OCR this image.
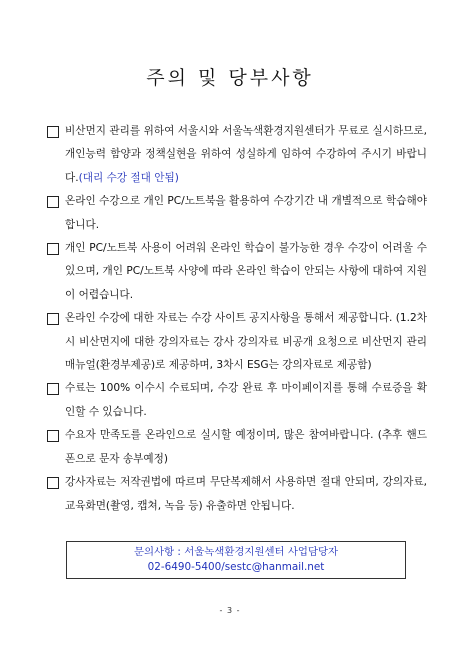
주의 및 당부사항
비산먼지 관리를 위하여 서울시와 서울녹색환경지원센터가 무료로 실시하므로, 개인능력 함양과 정책실현을 위하여 성실하게 임하여 수강하여 주시기 바랍니다.(대리 수강 절대 안됨)
온라인 수강으로 개인 PC/노트북을 활용하여 수강기간 내 개별적으로 학습해야 합니다.
개인 PC/노트북 사용이 어려워 온라인 학습이 불가능한 경우 수강이 어려울 수 있으며, 개인 PC/노트북 사양에 따라 온라인 학습이 안되는 사항에 대하여 지원이 어렵습니다.
온라인 수강에 대한 자료는 수강 사이트 공지사항을 통해서 제공합니다. (1.2차시 비산먼지에 대한 강의자료는 강사 강의자료 비공개 요청으로 비산먼지 관리 매뉴얼(환경부제공)로 제공하며, 3차시 ESG는 강의자료로 제공함)
수료는 100% 이수시 수료되며, 수강 완료 후 마이페이지를 통해 수료증을 확인할 수 있습니다.
수요자 만족도를 온라인으로 실시할 예정이며, 많은 참여바랍니다. (추후 핸드폰으로 문자 송부예정)
강사자료는 저작권법에 따르며 무단복제해서 사용하면 절대 안되며, 강의자료, 교육화면(촬영, 캡쳐, 녹음 등) 유출하면 안됩니다.
문의사항 : 서울녹색환경지원센터 사업담당자
02-6490-5400/sestc@hanmail.net
- 3 -
